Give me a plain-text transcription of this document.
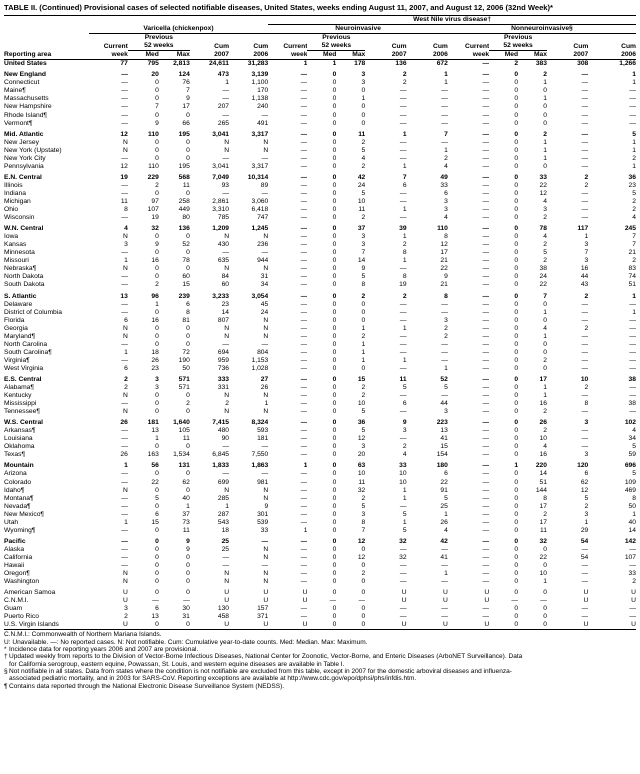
TABLE II. (Continued) Provisional cases of selected notifiable diseases, United States, weeks ending August 11, 2007, and August 12, 2006 (32nd Week)*
						West Nile virus disease†									
	Varicella (chickenpox)					Neuroinvasive					Nonneuroinvasive§				
		Previous					Previous					Previous			
	Current	52 weeks		Cum	Cum	Current	52 weeks		Cum	Cum	Current	52 weeks		Cum	Cum
Reporting area	week	Med	Max	2007	2006	week	Med	Max	2007	2006	week	Med	Max	2007	2006
United States	77	795	2,813	24,611	31,283	1	1	178	136	672	—	2	383	308	1,266

New England	—	20	124	473	3,139	—	0	3	2	1	—	0	2	—	1
Connecticut	—	0	76	1	1,100	—	0	3	2	1	—	0	1	—	1
Maine¶	—	0	7	—	170	—	0	0	—	—	—	0	0	—	—
Massachusetts	—	0	9	—	1,138	—	0	1	—	—	—	0	1	—	—
New Hampshire	—	7	17	207	240	—	0	0	—	—	—	0	0	—	—
Rhode Island¶	—	0	0	—	—	—	0	0	—	—	—	0	0	—	—
Vermont¶	—	9	66	265	491	—	0	0	—	—	—	0	0	—	—

Mid. Atlantic	12	110	195	3,041	3,317	—	0	11	1	7	—	0	2	—	5
New Jersey	N	0	0	N	N	—	0	2	—	—	—	0	1	—	1
New York (Upstate)	N	0	0	N	N	—	0	5	—	1	—	0	1	—	1
New York City	—	0	0	—	—	—	0	4	—	2	—	0	1	—	2
Pennsylvania	12	110	195	3,041	3,317	—	0	2	1	4	—	0	0	—	1

E.N. Central	19	229	568	7,049	10,314	—	0	42	7	49	—	0	33	2	36
Illinois	—	2	11	93	89	—	0	24	6	33	—	0	22	2	23
Indiana	—	0	0	—	—	—	0	5	—	6	—	0	12	—	5
Michigan	11	97	258	2,861	3,060	—	0	10	—	3	—	0	4	—	2
Ohio	8	107	449	3,310	6,418	—	0	11	1	3	—	0	3	—	2
Wisconsin	—	19	80	785	747	—	0	2	—	4	—	0	2	—	4

W.N. Central	4	32	136	1,209	1,245	—	0	37	39	110	—	0	78	117	245
Iowa	N	0	0	N	N	—	0	3	1	8	—	0	4	1	7
Kansas	3	9	52	430	236	—	0	3	2	12	—	0	2	3	7
Minnesota	—	0	0	—	—	—	0	7	8	17	—	0	5	7	21
Missouri	1	16	78	635	944	—	0	14	1	21	—	0	2	3	2
Nebraska¶	N	0	0	N	N	—	0	9	—	22	—	0	38	16	83
North Dakota	—	0	60	84	31	—	0	5	8	9	—	0	24	44	74
South Dakota	—	2	15	60	34	—	0	8	19	21	—	0	22	43	51

S. Atlantic	13	96	239	3,233	3,054	—	0	2	2	8	—	0	7	2	1
Delaware	—	1	6	23	45	—	0	0	—	—	—	0	0	—	—
District of Columbia	—	0	8	14	24	—	0	0	—	—	—	0	1	—	1
Florida	6	16	81	807	N	—	0	0	—	3	—	0	0	—	—
Georgia	N	0	0	N	N	—	0	1	1	2	—	0	4	2	—
Maryland¶	N	0	0	N	N	—	0	2	—	2	—	0	1	—	—
North Carolina	—	0	0	—	—	—	0	1	—	—	—	0	0	—	—
South Carolina¶	1	18	72	694	804	—	0	1	—	—	—	0	0	—	—
Virginia¶	—	26	190	959	1,153	—	0	1	1	—	—	0	2	—	—
West Virginia	6	23	50	736	1,028	—	0	0	—	1	—	0	0	—	—

E.S. Central	2	3	571	333	27	—	0	15	11	52	—	0	17	10	38
Alabama¶	2	3	571	331	26	—	0	2	5	5	—	0	1	2	—
Kentucky	N	0	0	N	N	—	0	2	—	—	—	0	1	—	—
Mississippi	—	0	2	2	1	—	0	10	6	44	—	0	16	8	38
Tennessee¶	N	0	0	N	N	—	0	5	—	3	—	0	2	—	—

W.S. Central	26	181	1,640	7,415	8,324	—	0	36	9	223	—	0	26	3	102
Arkansas¶	—	13	105	480	593	—	0	5	3	13	—	0	2	—	4
Louisiana	—	1	11	90	181	—	0	12	—	41	—	0	10	—	34
Oklahoma	—	0	0	—	—	—	0	3	2	15	—	0	4	—	5
Texas¶	26	163	1,534	6,845	7,550	—	0	20	4	154	—	0	16	3	59

Mountain	1	56	131	1,833	1,863	1	0	63	33	180	—	1	220	120	696
Arizona	—	0	0	—	—	—	0	10	10	6	—	0	14	6	5
Colorado	—	22	62	699	981	—	0	11	10	22	—	0	51	62	109
Idaho¶	N	0	0	N	N	—	0	32	1	91	—	0	144	12	469
Montana¶	—	5	40	285	N	—	0	2	1	5	—	0	8	5	8
Nevada¶	—	0	1	1	9	—	0	5	—	25	—	0	17	2	50
New Mexico¶	—	6	37	287	301	—	0	3	5	1	—	0	2	3	1
Utah	1	15	73	543	539	—	0	8	1	26	—	0	17	1	40
Wyoming¶	—	0	11	18	33	1	0	7	5	4	—	0	11	29	14

Pacific	—	0	9	25	—	—	0	12	32	42	—	0	32	54	142
Alaska	—	0	9	25	N	—	0	0	—	—	—	0	0	—	—
California	—	0	0	—	N	—	0	12	32	41	—	0	22	54	107
Hawaii	—	0	0	—	—	—	0	0	—	—	—	0	0	—	—
Oregon¶	N	0	0	N	N	—	0	2	—	1	—	0	10	—	33
Washington	N	0	0	N	N	—	0	0	—	—	—	0	1	—	2

American Samoa	U	0	0	U	U	U	0	0	U	U	U	0	0	U	U
C.N.M.I.	U	—	—	U	U	U	—	—	U	U	U	—	—	U	U
Guam	3	6	30	130	157	—	0	0	—	—	—	0	0	—	—
Puerto Rico	2	13	31	458	371	—	0	0	—	—	—	0	0	—	—
U.S. Virgin Islands	U	0	0	U	U	U	0	0	U	U	U	0	0	U	U
C.N.M.I.: Commonwealth of Northern Mariana Islands.
U: Unavailable. —: No reported cases. N: Not notifiable. Cum: Cumulative year-to-date counts. Med: Median. Max: Maximum.
* Incidence data for reporting years 2006 and 2007 are provisional.
†Updated weekly from reports to the Division of Vector-Borne Infectious Diseases, National Center for Zoonotic, Vector-Borne, and Enteric Diseases (ArboNET Surveillance). Data
for California serogroup, eastern equine, Powassan, St. Louis, and western equine diseases are available in Table I.
§Not notifiable in all states. Data from states where the condition is not notifiable are excluded from this table, except in 2007 for the domestic arboviral diseases and influenza-
associated pediatric mortality, and in 2003 for SARS-CoV. Reporting exceptions are available at http://www.cdc.gov/epo/dphsi/phs/infdis.htm.
¶Contains data reported through the National Electronic Disease Surveillance System (NEDSS).
